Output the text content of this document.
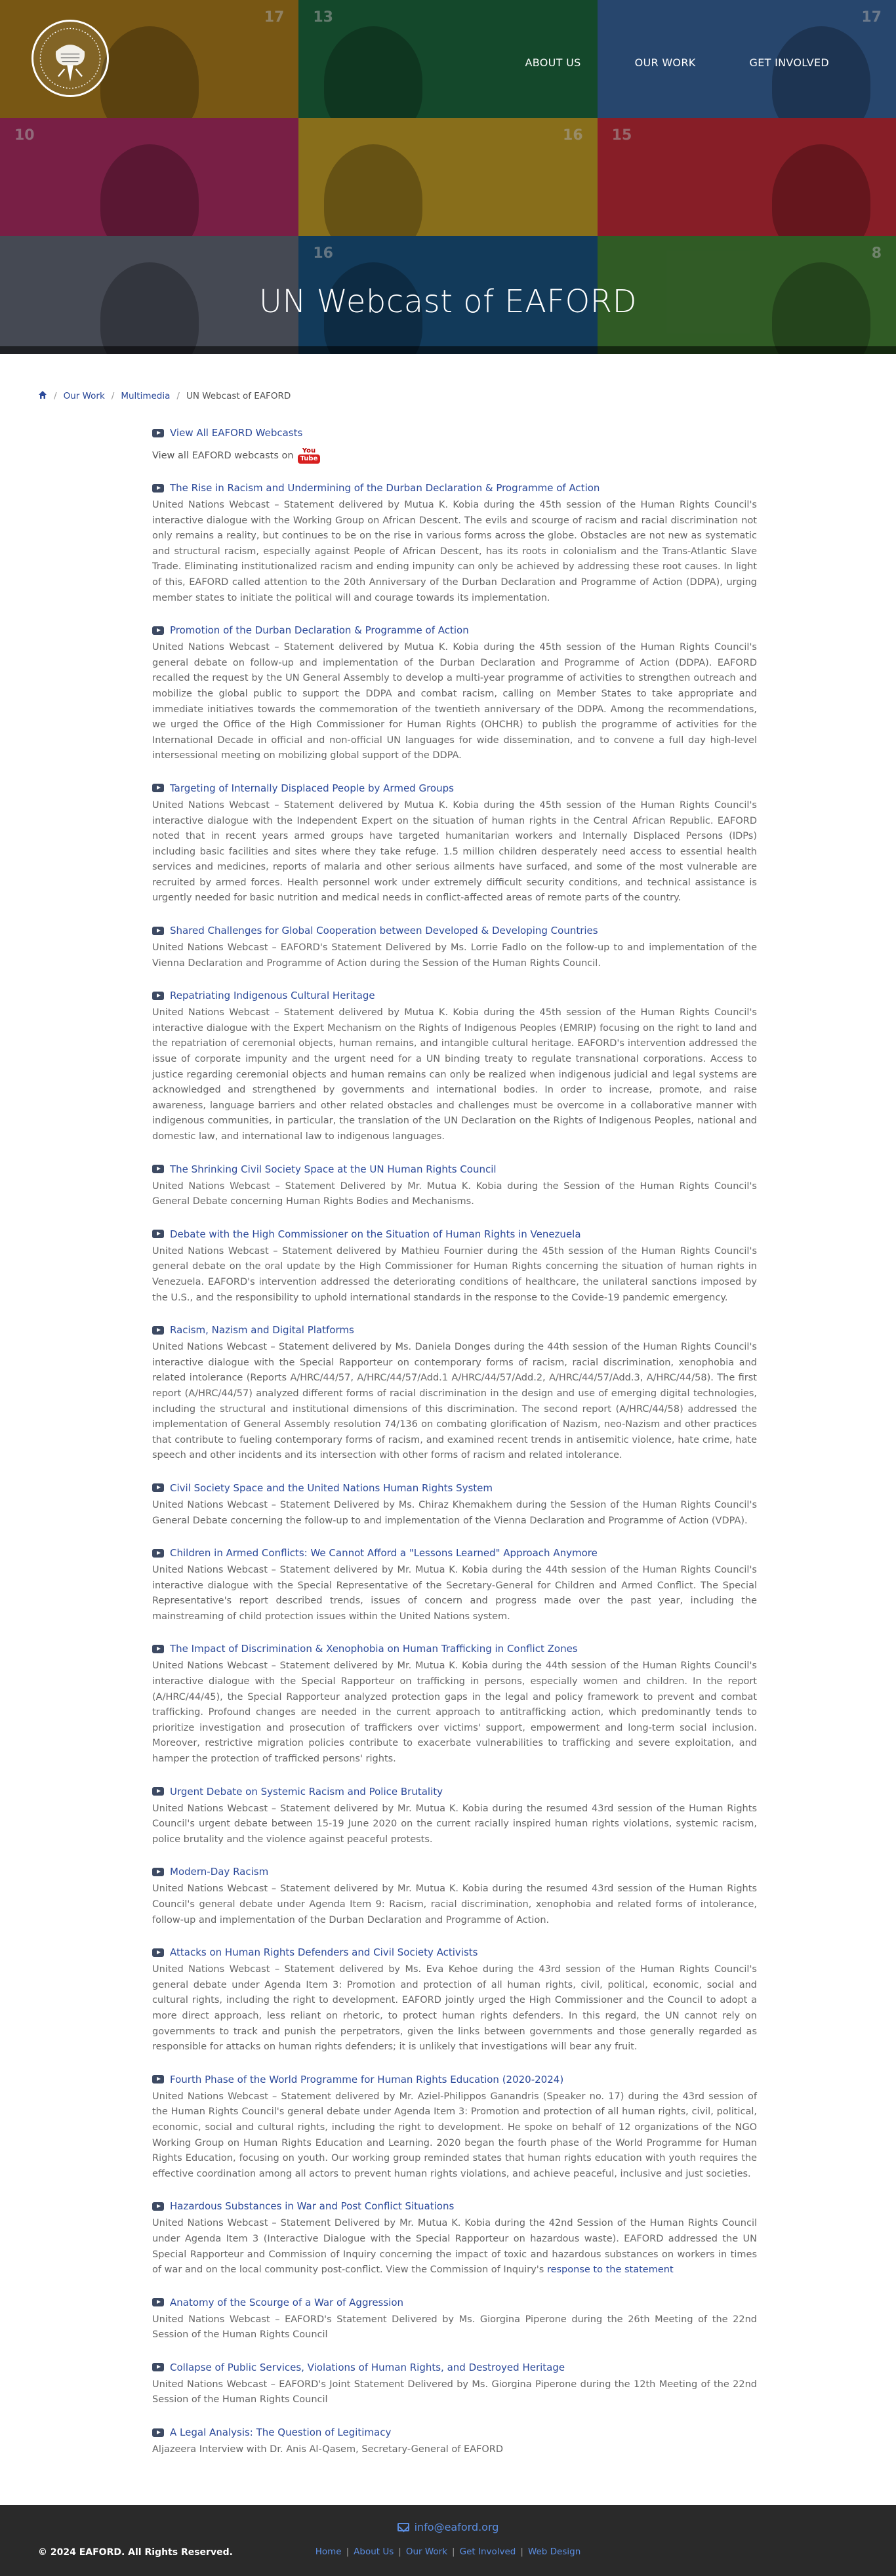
17 13	17
10	16 15
16	8
ABOUT US	OUR WORK	GET INVOLVED
UN Webcast of EAFORD
/ Our Work / Multimedia / UN Webcast of EAFORD
View All EAFORD Webcasts
View all EAFORD webcasts on You
Tube
The Rise in Racism and Undermining of the Durban Declaration & Programme of Action

United Nations Webcast – Statement delivered by Mutua K. Kobia during the 45th session of the Human Rights Council's interactive dialogue with the Working Group on African Descent. The evils and scourge of racism and racial discrimination not only remains a reality, but continues to be on the rise in various forms across the globe. Obstacles are not new as systematic and structural racism, especially against People of African Descent, has its roots in colonialism and the Trans-Atlantic Slave Trade. Eliminating institutionalized racism and ending impunity can only be achieved by addressing these root causes. In light of this, EAFORD called attention to the 20th Anniversary of the Durban Declaration and Programme of Action (DDPA), urging member states to initiate the political will and courage towards its implementation.

Promotion of the Durban Declaration & Programme of Action

United Nations Webcast – Statement delivered by Mutua K. Kobia during the 45th session of the Human Rights Council's general debate on follow-up and implementation of the Durban Declaration and Programme of Action (DDPA). EAFORD recalled the request by the UN General Assembly to develop a multi-year programme of activities to strengthen outreach and mobilize the global public to support the DDPA and combat racism, calling on Member States to take appropriate and immediate initiatives towards the commemoration of the twentieth anniversary of the DDPA. Among the recommendations, we urged the Office of the High Commissioner for Human Rights (OHCHR) to publish the programme of activities for the International Decade in official and non-official UN languages for wide dissemination, and to convene a full day high-level intersessional meeting on mobilizing global support of the DDPA.

Targeting of Internally Displaced People by Armed Groups

United Nations Webcast – Statement delivered by Mutua K. Kobia during the 45th session of the Human Rights Council's interactive dialogue with the Independent Expert on the situation of human rights in the Central African Republic. EAFORD noted that in recent years armed groups have targeted humanitarian workers and Internally Displaced Persons (IDPs) including basic facilities and sites where they take refuge. 1.5 million children desperately need access to essential health services and medicines, reports of malaria and other serious ailments have surfaced, and some of the most vulnerable are recruited by armed forces. Health personnel work under extremely difficult security conditions, and technical assistance is urgently needed for basic nutrition and medical needs in conflict-affected areas of remote parts of the country.

Shared Challenges for Global Cooperation between Developed & Developing Countries

United Nations Webcast – EAFORD's Statement Delivered by Ms. Lorrie Fadlo on the follow-up to and implementation of the Vienna Declaration and Programme of Action during the Session of the Human Rights Council.

Repatriating Indigenous Cultural Heritage

United Nations Webcast – Statement delivered by Mutua K. Kobia during the 45th session of the Human Rights Council's interactive dialogue with the Expert Mechanism on the Rights of Indigenous Peoples (EMRIP) focusing on the right to land and the repatriation of ceremonial objects, human remains, and intangible cultural heritage. EAFORD's intervention addressed the issue of corporate impunity and the urgent need for a UN binding treaty to regulate transnational corporations. Access to justice regarding ceremonial objects and human remains can only be realized when indigenous judicial and legal systems are acknowledged and strengthened by governments and international bodies. In order to increase, promote, and raise awareness, language barriers and other related obstacles and challenges must be overcome in a collaborative manner with indigenous communities, in particular, the translation of the UN Declaration on the Rights of Indigenous Peoples, national and domestic law, and international law to indigenous languages.

The Shrinking Civil Society Space at the UN Human Rights Council

United Nations Webcast – Statement Delivered by Mr. Mutua K. Kobia during the Session of the Human Rights Council's General Debate concerning Human Rights Bodies and Mechanisms.

Debate with the High Commissioner on the Situation of Human Rights in Venezuela

United Nations Webcast – Statement delivered by Mathieu Fournier during the 45th session of the Human Rights Council's general debate on the oral update by the High Commissioner for Human Rights concerning the situation of human rights in Venezuela. EAFORD's intervention addressed the deteriorating conditions of healthcare, the unilateral sanctions imposed by the U.S., and the responsibility to uphold international standards in the response to the Covide-19 pandemic emergency.

Racism, Nazism and Digital Platforms

United Nations Webcast – Statement delivered by Ms. Daniela Donges during the 44th session of the Human Rights Council's interactive dialogue with the Special Rapporteur on contemporary forms of racism, racial discrimination, xenophobia and related intolerance (Reports A/HRC/44/57, A/HRC/44/57/Add.1 A/HRC/44/57/Add.2, A/HRC/44/57/Add.3, A/HRC/44/58). The first report (A/HRC/44/57) analyzed different forms of racial discrimination in the design and use of emerging digital technologies, including the structural and institutional dimensions of this discrimination. The second report (A/HRC/44/58) addressed the implementation of General Assembly resolution 74/136 on combating glorification of Nazism, neo-Nazism and other practices that contribute to fueling contemporary forms of racism, and examined recent trends in antisemitic violence, hate crime, hate speech and other incidents and its intersection with other forms of racism and related intolerance.

Civil Society Space and the United Nations Human Rights System

United Nations Webcast – Statement Delivered by Ms. Chiraz Khemakhem during the Session of the Human Rights Council's General Debate concerning the follow-up to and implementation of the Vienna Declaration and Programme of Action (VDPA).

Children in Armed Conflicts: We Cannot Afford a "Lessons Learned" Approach Anymore

United Nations Webcast – Statement delivered by Mr. Mutua K. Kobia during the 44th session of the Human Rights Council's interactive dialogue with the Special Representative of the Secretary-General for Children and Armed Conflict. The Special Representative's report described trends, issues of concern and progress made over the past year, including the mainstreaming of child protection issues within the United Nations system.

The Impact of Discrimination & Xenophobia on Human Trafficking in Conflict Zones

United Nations Webcast – Statement delivered by Mr. Mutua K. Kobia during the 44th session of the Human Rights Council's interactive dialogue with the Special Rapporteur on trafficking in persons, especially women and children. In the report (A/HRC/44/45), the Special Rapporteur analyzed protection gaps in the legal and policy framework to prevent and combat trafficking. Profound changes are needed in the current approach to antitrafficking action, which predominantly tends to prioritize investigation and prosecution of traffickers over victims' support, empowerment and long-term social inclusion. Moreover, restrictive migration policies contribute to exacerbate vulnerabilities to trafficking and severe exploitation, and hamper the protection of trafficked persons' rights.

Urgent Debate on Systemic Racism and Police Brutality

United Nations Webcast – Statement delivered by Mr. Mutua K. Kobia during the resumed 43rd session of the Human Rights Council's urgent debate between 15-19 June 2020 on the current racially inspired human rights violations, systemic racism, police brutality and the violence against peaceful protests.

Modern-Day Racism

United Nations Webcast – Statement delivered by Mr. Mutua K. Kobia during the resumed 43rd session of the Human Rights Council's general debate under Agenda Item 9: Racism, racial discrimination, xenophobia and related forms of intolerance, follow-up and implementation of the Durban Declaration and Programme of Action.

Attacks on Human Rights Defenders and Civil Society Activists

United Nations Webcast – Statement delivered by Ms. Eva Kehoe during the 43rd session of the Human Rights Council's general debate under Agenda Item 3: Promotion and protection of all human rights, civil, political, economic, social and cultural rights, including the right to development. EAFORD jointly urged the High Commissioner and the Council to adopt a more direct approach, less reliant on rhetoric, to protect human rights defenders. In this regard, the UN cannot rely on governments to track and punish the perpetrators, given the links between governments and those generally regarded as responsible for attacks on human rights defenders; it is unlikely that investigations will bear any fruit.

Fourth Phase of the World Programme for Human Rights Education (2020-2024)

United Nations Webcast – Statement delivered by Mr. Aziel-Philippos Ganandris (Speaker no. 17) during the 43rd session of the Human Rights Council's general debate under Agenda Item 3: Promotion and protection of all human rights, civil, political, economic, social and cultural rights, including the right to development. He spoke on behalf of 12 organizations of the NGO Working Group on Human Rights Education and Learning. 2020 began the fourth phase of the World Programme for Human Rights Education, focusing on youth. Our working group reminded states that human rights education with youth requires the effective coordination among all actors to prevent human rights violations, and achieve peaceful, inclusive and just societies.

Hazardous Substances in War and Post Conflict Situations

United Nations Webcast – Statement Delivered by Mr. Mutua K. Kobia during the 42nd Session of the Human Rights Council under Agenda Item 3 (Interactive Dialogue with the Special Rapporteur on hazardous waste). EAFORD addressed the UN Special Rapporteur and Commission of Inquiry concerning the impact of toxic and hazardous substances on workers in times of war and on the local community post-conflict. View the Commission of Inquiry's response to the statement

Anatomy of the Scourge of a War of Aggression

United Nations Webcast – EAFORD's Statement Delivered by Ms. Giorgina Piperone during the 26th Meeting of the 22nd Session of the Human Rights Council

Collapse of Public Services, Violations of Human Rights, and Destroyed Heritage

United Nations Webcast – EAFORD's Joint Statement Delivered by Ms. Giorgina Piperone during the 12th Meeting of the 22nd Session of the Human Rights Council

A Legal Analysis: The Question of Legitimacy

Aljazeera Interview with Dr. Anis Al-Qasem, Secretary-General of EAFORD

info@eaford.org
© 2024 EAFORD. All Rights Reserved.	Home | About Us | Our Work | Get Involved | Web Design
